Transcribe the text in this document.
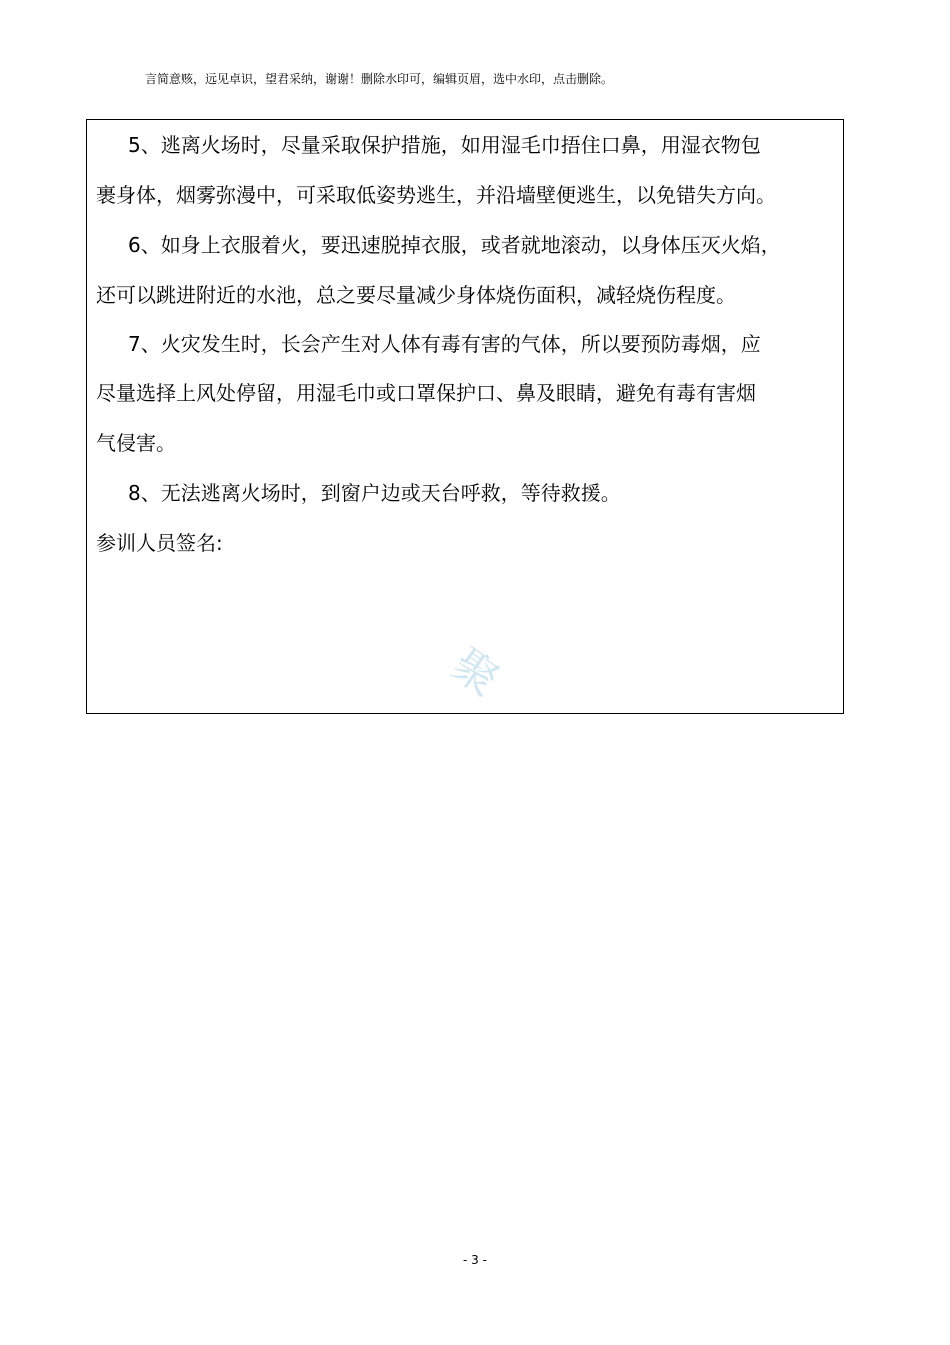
言简意赅，远见卓识，望君采纳，谢谢！删除水印可，编辑页眉，选中水印，点击删除。
5、逃离火场时，尽量采取保护措施，如用湿毛巾捂住口鼻，用湿衣物包
裹身体，烟雾弥漫中，可采取低姿势逃生，并沿墙壁便逃生，以免错失方向。
6、如身上衣服着火，要迅速脱掉衣服，或者就地滚动，以身体压灭火焰，
还可以跳进附近的水池，总之要尽量减少身体烧伤面积，减轻烧伤程度。
7、火灾发生时，长会产生对人体有毒有害的气体，所以要预防毒烟，应
尽量选择上风处停留，用湿毛巾或口罩保护口、鼻及眼睛，避免有毒有害烟
气侵害。
8、无法逃离火场时，到窗户边或天台呼救，等待救援。
参训人员签名:
聚
- 3 -
